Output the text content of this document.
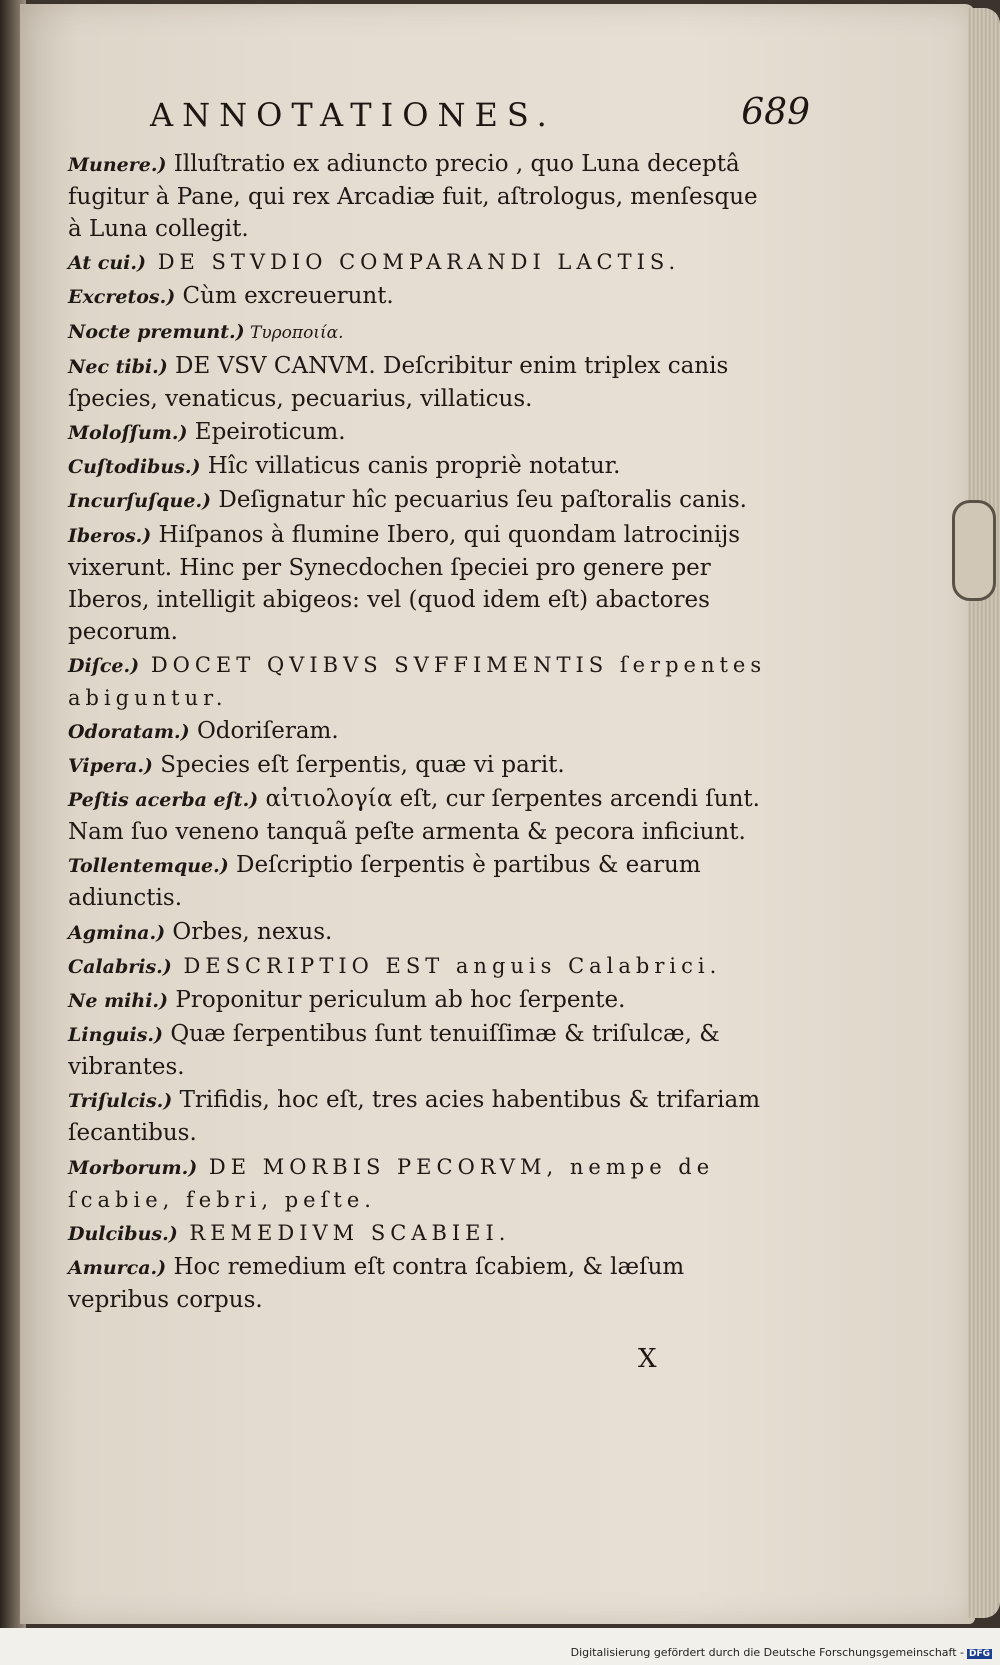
ANNOTATIONES.	689
Munere.) Illuſtratio ex adiuncto precio , quo Luna deceptâ fugitur à Pane, qui rex Arcadiæ fuit, aſtrologus, menſesque à Luna collegit.
At cui.) DE STVDIO COMPARANDI LACTIS.
Excretos.) Cùm excreuerunt.
Nocte premunt.) Τυροποιία.
Nec tibi.) DE VSV CANVM. Deſcribitur enim triplex canis ſpecies, venaticus, pecuarius, villaticus.
Moloſſum.) Epeiroticum.
Cuſtodibus.) Hîc villaticus canis propriè notatur.
Incurſuſque.) Deſignatur hîc pecuarius ſeu paſtoralis canis.
Iberos.) Hiſpanos à flumine Ibero, qui quondam latrocinijs vixerunt. Hinc per Synecdochen ſpeciei pro genere per Iberos, intelligit abigeos: vel (quod idem eſt) abactores pecorum.
Diſce.) DOCET QVIBVS SVFFIMENTIS ſerpentes abiguntur.
Odoratam.) Odoriſeram.
Vipera.) Species eſt ſerpentis, quæ vi parit.
Peſtis acerba eſt.) αἰτιολογία eſt, cur ſerpentes arcendi ſunt. Nam ſuo veneno tanquã peſte armenta & pecora inficiunt.
Tollentemque.) Deſcriptio ſerpentis è partibus & earum adiunctis.
Agmina.) Orbes, nexus.
Calabris.) DESCRIPTIO EST anguis Calabrici.
Ne mihi.) Proponitur periculum ab hoc ſerpente.
Linguis.) Quæ ſerpentibus ſunt tenuiſſimæ & triſulcæ, & vibrantes.
Triſulcis.) Trifidis, hoc eſt, tres acies habentibus & trifariam ſecantibus.
Morborum.) DE MORBIS PECORVM, nempe de ſcabie, febri, peſte.
Dulcibus.) REMEDIVM SCABIEI.
Amurca.) Hoc remedium eſt contra ſcabiem, & læſum vepribus corpus.
X
Digitalisierung gefördert durch die Deutsche Forschungsgemeinschaft - DFG
